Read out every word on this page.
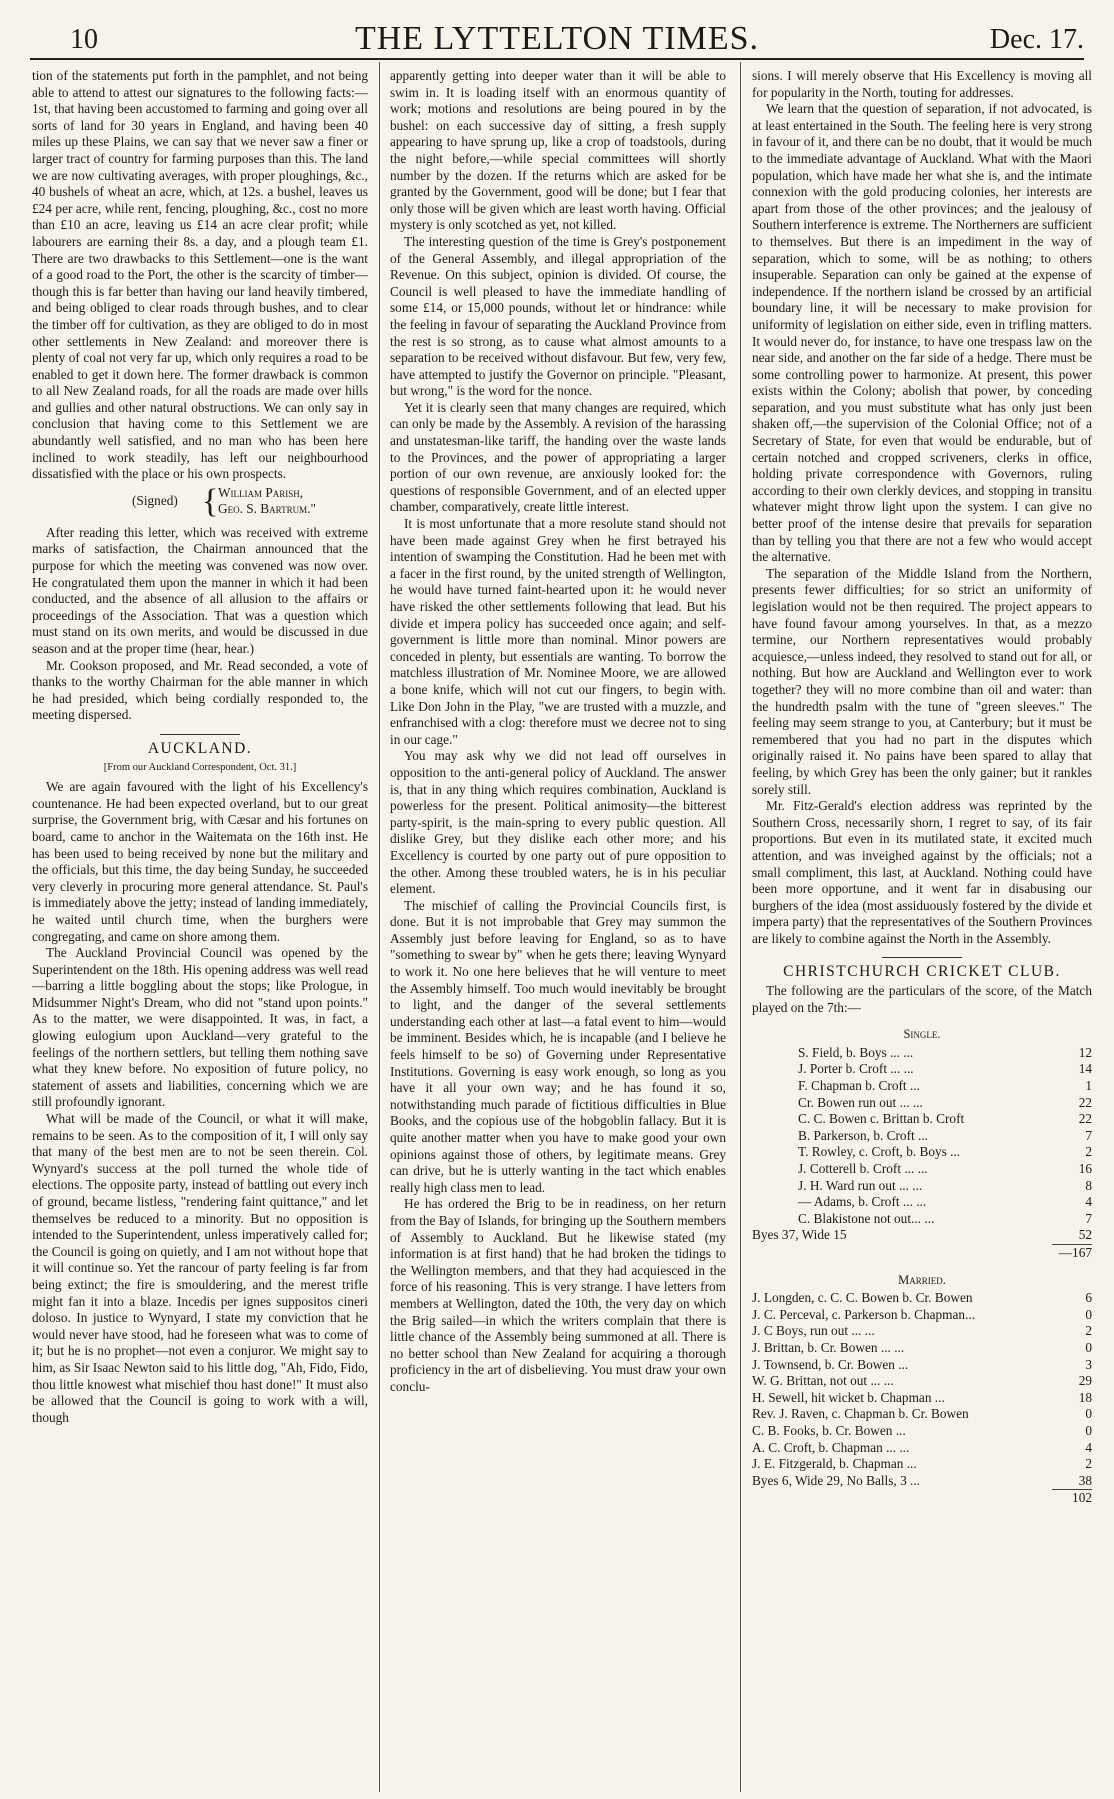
10	THE LYTTELTON TIMES.	Dec. 17.

tion of the statements put forth in the pamphlet, and not being able to attend to attest our signatures to the following facts:—1st, that having been accustomed to farming and going over all sorts of land for 30 years in England, and having been 40 miles up these Plains, we can say that we never saw a finer or larger tract of country for farming purposes than this. The land we are now cultivating averages, with proper ploughings, &c., 40 bushels of wheat an acre, which, at 12s. a bushel, leaves us £24 per acre, while rent, fencing, ploughing, &c., cost no more than £10 an acre, leaving us £14 an acre clear profit; while labourers are earning their 8s. a day, and a plough team £1. There are two drawbacks to this Settlement—one is the want of a good road to the Port, the other is the scarcity of timber—though this is far better than having our land heavily timbered, and being obliged to clear roads through bushes, and to clear the timber off for cultivation, as they are obliged to do in most other settlements in New Zealand: and moreover there is plenty of coal not very far up, which only requires a road to be enabled to get it down here. The former drawback is common to all New Zealand roads, for all the roads are made over hills and gullies and other natural obstructions. We can only say in conclusion that having come to this Settlement we are abundantly well satisfied, and no man who has been here inclined to work steadily, has left our neighbourhood dissatisfied with the place or his own prospects.

(Signed) { William Parish,
Geo. S. Bartrum."

After reading this letter, which was received with extreme marks of satisfaction, the Chairman announced that the purpose for which the meeting was convened was now over. He congratulated them upon the manner in which it had been conducted, and the absence of all allusion to the affairs or proceedings of the Association. That was a question which must stand on its own merits, and would be discussed in due season and at the proper time (hear, hear.)

Mr. Cookson proposed, and Mr. Read seconded, a vote of thanks to the worthy Chairman for the able manner in which he had presided, which being cordially responded to, the meeting dispersed.

AUCKLAND.
[From our Auckland Correspondent, Oct. 31.]

We are again favoured with the light of his Excellency's countenance. He had been expected overland, but to our great surprise, the Government brig, with Cæsar and his fortunes on board, came to anchor in the Waitemata on the 16th inst. He has been used to being received by none but the military and the officials, but this time, the day being Sunday, he succeeded very cleverly in procuring more general attendance. St. Paul's is immediately above the jetty; instead of landing immediately, he waited until church time, when the burghers were congregating, and came on shore among them.

The Auckland Provincial Council was opened by the Superintendent on the 18th. His opening address was well read—barring a little boggling about the stops; like Prologue, in Midsummer Night's Dream, who did not "stand upon points." As to the matter, we were disappointed. It was, in fact, a glowing eulogium upon Auckland—very grateful to the feelings of the northern settlers, but telling them nothing save what they knew before. No exposition of future policy, no statement of assets and liabilities, concerning which we are still profoundly ignorant.

What will be made of the Council, or what it will make, remains to be seen. As to the composition of it, I will only say that many of the best men are to not be seen therein. Col. Wynyard's success at the poll turned the whole tide of elections. The opposite party, instead of battling out every inch of ground, became listless, "rendering faint quittance," and let themselves be reduced to a minority. But no opposition is intended to the Superintendent, unless imperatively called for; the Council is going on quietly, and I am not without hope that it will continue so. Yet the rancour of party feeling is far from being extinct; the fire is smouldering, and the merest trifle might fan it into a blaze. Incedis per ignes suppositos cineri doloso. In justice to Wynyard, I state my conviction that he would never have stood, had he foreseen what was to come of it; but he is no prophet—not even a conjuror. We might say to him, as Sir Isaac Newton said to his little dog, "Ah, Fido, Fido, thou little knowest what mischief thou hast done!" It must also be allowed that the Council is going to work with a will, though

apparently getting into deeper water than it will be able to swim in. It is loading itself with an enormous quantity of work; motions and resolutions are being poured in by the bushel: on each successive day of sitting, a fresh supply appearing to have sprung up, like a crop of toadstools, during the night before,—while special committees will shortly number by the dozen. If the returns which are asked for be granted by the Government, good will be done; but I fear that only those will be given which are least worth having. Official mystery is only scotched as yet, not killed.

The interesting question of the time is Grey's postponement of the General Assembly, and illegal appropriation of the Revenue. On this subject, opinion is divided. Of course, the Council is well pleased to have the immediate handling of some £14, or 15,000 pounds, without let or hindrance: while the feeling in favour of separating the Auckland Province from the rest is so strong, as to cause what almost amounts to a separation to be received without disfavour. But few, very few, have attempted to justify the Governor on principle. "Pleasant, but wrong," is the word for the nonce.

Yet it is clearly seen that many changes are required, which can only be made by the Assembly. A revision of the harassing and unstatesman-like tariff, the handing over the waste lands to the Provinces, and the power of appropriating a larger portion of our own revenue, are anxiously looked for: the questions of responsible Government, and of an elected upper chamber, comparatively, create little interest.

It is most unfortunate that a more resolute stand should not have been made against Grey when he first betrayed his intention of swamping the Constitution. Had he been met with a facer in the first round, by the united strength of Wellington, he would have turned faint-hearted upon it: he would never have risked the other settlements following that lead. But his divide et impera policy has succeeded once again; and self-government is little more than nominal. Minor powers are conceded in plenty, but essentials are wanting. To borrow the matchless illustration of Mr. Nominee Moore, we are allowed a bone knife, which will not cut our fingers, to begin with. Like Don John in the Play, "we are trusted with a muzzle, and enfranchised with a clog: therefore must we decree not to sing in our cage."

You may ask why we did not lead off ourselves in opposition to the anti-general policy of Auckland. The answer is, that in any thing which requires combination, Auckland is powerless for the present. Political animosity—the bitterest party-spirit, is the main-spring to every public question. All dislike Grey, but they dislike each other more; and his Excellency is courted by one party out of pure opposition to the other. Among these troubled waters, he is in his peculiar element.

The mischief of calling the Provincial Councils first, is done. But it is not improbable that Grey may summon the Assembly just before leaving for England, so as to have "something to swear by" when he gets there; leaving Wynyard to work it. No one here believes that he will venture to meet the Assembly himself. Too much would inevitably be brought to light, and the danger of the several settlements understanding each other at last—a fatal event to him—would be imminent. Besides which, he is incapable (and I believe he feels himself to be so) of Governing under Representative Institutions. Governing is easy work enough, so long as you have it all your own way; and he has found it so, notwithstanding much parade of fictitious difficulties in Blue Books, and the copious use of the hobgoblin fallacy. But it is quite another matter when you have to make good your own opinions against those of others, by legitimate means. Grey can drive, but he is utterly wanting in the tact which enables really high class men to lead.

He has ordered the Brig to be in readiness, on her return from the Bay of Islands, for bringing up the Southern members of Assembly to Auckland. But he likewise stated (my information is at first hand) that he had broken the tidings to the Wellington members, and that they had acquiesced in the force of his reasoning. This is very strange. I have letters from members at Wellington, dated the 10th, the very day on which the Brig sailed—in which the writers complain that there is little chance of the Assembly being summoned at all. There is no better school than New Zealand for acquiring a thorough proficiency in the art of disbelieving. You must draw your own conclu-

sions. I will merely observe that His Excellency is moving all for popularity in the North, touting for addresses.

We learn that the question of separation, if not advocated, is at least entertained in the South. The feeling here is very strong in favour of it, and there can be no doubt, that it would be much to the immediate advantage of Auckland. What with the Maori population, which have made her what she is, and the intimate connexion with the gold producing colonies, her interests are apart from those of the other provinces; and the jealousy of Southern interference is extreme. The Northerners are sufficient to themselves. But there is an impediment in the way of separation, which to some, will be as nothing; to others insuperable. Separation can only be gained at the expense of independence. If the northern island be crossed by an artificial boundary line, it will be necessary to make provision for uniformity of legislation on either side, even in trifling matters. It would never do, for instance, to have one trespass law on the near side, and another on the far side of a hedge. There must be some controlling power to harmonize. At present, this power exists within the Colony; abolish that power, by conceding separation, and you must substitute what has only just been shaken off,—the supervision of the Colonial Office; not of a Secretary of State, for even that would be endurable, but of certain notched and cropped scriveners, clerks in office, holding private correspondence with Governors, ruling according to their own clerkly devices, and stopping in transitu whatever might throw light upon the system. I can give no better proof of the intense desire that prevails for separation than by telling you that there are not a few who would accept the alternative.

The separation of the Middle Island from the Northern, presents fewer difficulties; for so strict an uniformity of legislation would not be then required. The project appears to have found favour among yourselves. In that, as a mezzo termine, our Northern representatives would probably acquiesce,—unless indeed, they resolved to stand out for all, or nothing. But how are Auckland and Wellington ever to work together? they will no more combine than oil and water: than the hundredth psalm with the tune of "green sleeves." The feeling may seem strange to you, at Canterbury; but it must be remembered that you had no part in the disputes which originally raised it. No pains have been spared to allay that feeling, by which Grey has been the only gainer; but it rankles sorely still.

Mr. Fitz-Gerald's election address was reprinted by the Southern Cross, necessarily shorn, I regret to say, of its fair proportions. But even in its mutilated state, it excited much attention, and was inveighed against by the officials; not a small compliment, this last, at Auckland. Nothing could have been more opportune, and it went far in disabusing our burghers of the idea (most assiduously fostered by the divide et impera party) that the representatives of the Southern Provinces are likely to combine against the North in the Assembly.

CHRISTCHURCH CRICKET CLUB.

The following are the particulars of the score, of the Match played on the 7th:—

Single.
S. Field, b. Boys ... ...	12
J. Porter b. Croft ... ...	14
F. Chapman b. Croft ...	1
Cr. Bowen run out ... ...	22
C. C. Bowen c. Brittan b. Croft	22
B. Parkerson, b. Croft ...	7
T. Rowley, c. Croft, b. Boys ...	2
J. Cotterell b. Croft ... ...	16
J. H. Ward run out ... ...	8
— Adams, b. Croft ... ...	4
C. Blakistone not out... ...	7
Byes 37, Wide 15	52
—167
Married.
J. Longden, c. C. C. Bowen b. Cr. Bowen	6
J. C. Perceval, c. Parkerson b. Chapman...	0
J. C Boys, run out ... ...	2
J. Brittan, b. Cr. Bowen ... ...	0
J. Townsend, b. Cr. Bowen ...	3
W. G. Brittan, not out ... ...	29
H. Sewell, hit wicket b. Chapman ...	18
Rev. J. Raven, c. Chapman b. Cr. Bowen	0
C. B. Fooks, b. Cr. Bowen ...	0
A. C. Croft, b. Chapman ... ...	4
J. E. Fitzgerald, b. Chapman ...	2
Byes 6, Wide 29, No Balls, 3 ...	38
102
